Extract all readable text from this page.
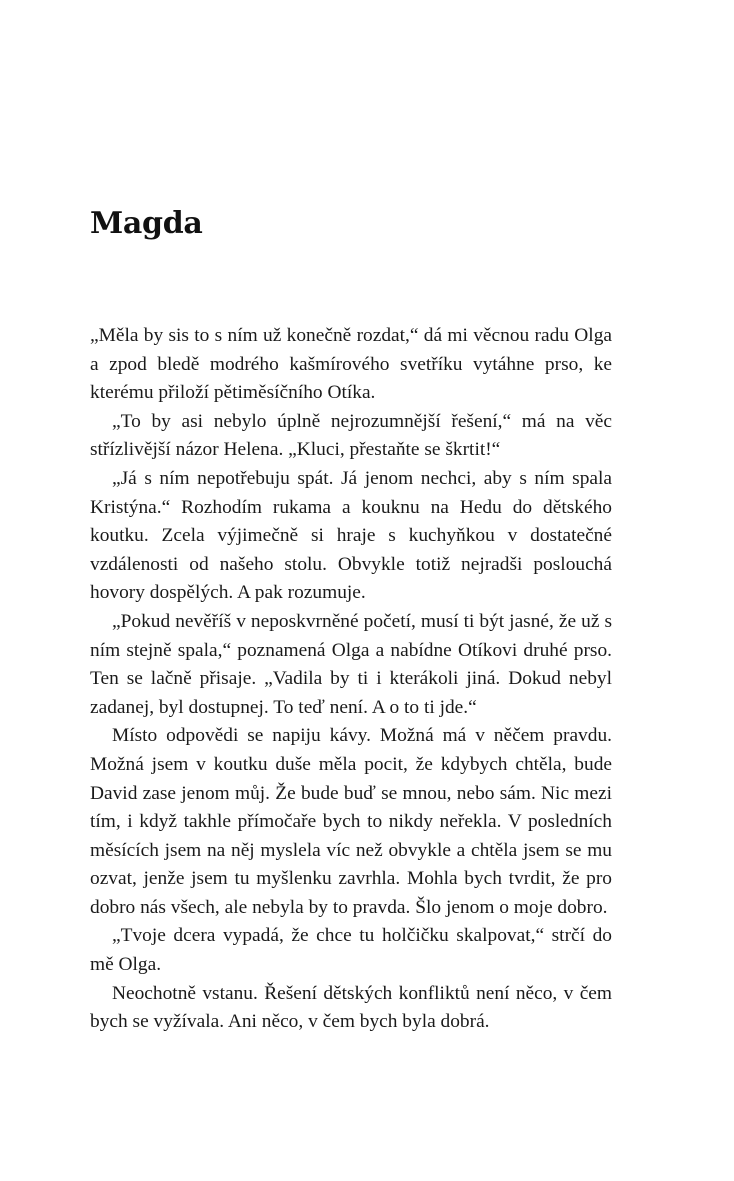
Magda

„Měla by sis to s ním už konečně rozdat,“ dá mi věcnou radu Olga a zpod bledě modrého kašmírového svetříku vytáhne prso, ke kterému přiloží pětiměsíčního Otíka.

„To by asi nebylo úplně nejrozumnější řešení,“ má na věc střízlivější názor Helena. „Kluci, přestaňte se škrtit!“

„Já s ním nepotřebuju spát. Já jenom nechci, aby s ním spala Kristýna.“ Rozhodím rukama a kouknu na Hedu do dětského koutku. Zcela výjimečně si hraje s kuchyňkou v dostatečné vzdálenosti od našeho stolu. Obvykle totiž nejradši poslouchá hovory dospělých. A pak rozumuje.

„Pokud nevěříš v neposkvrněné početí, musí ti být jasné, že už s ním stejně spala,“ poznamená Olga a nabídne Otíkovi druhé prso. Ten se lačně přisaje. „Vadila by ti i kterákoli jiná. Dokud nebyl zadanej, byl dostupnej. To teď není. A o to ti jde.“

Místo odpovědi se napiju kávy. Možná má v něčem pravdu. Možná jsem v koutku duše měla pocit, že kdybych chtěla, bude David zase jenom můj. Že bude buď se mnou, nebo sám. Nic mezi tím, i když takhle přímočaře bych to nikdy neřekla. V posledních měsících jsem na něj myslela víc než obvykle a chtěla jsem se mu ozvat, jenže jsem tu myšlenku zavrhla. Mohla bych tvrdit, že pro dobro nás všech, ale nebyla by to pravda. Šlo jenom o moje dobro.

„Tvoje dcera vypadá, že chce tu holčičku skalpovat,“ strčí do mě Olga.

Neochotně vstanu. Řešení dětských konfliktů není něco, v čem bych se vyžívala. Ani něco, v čem bych byla dobrá.
